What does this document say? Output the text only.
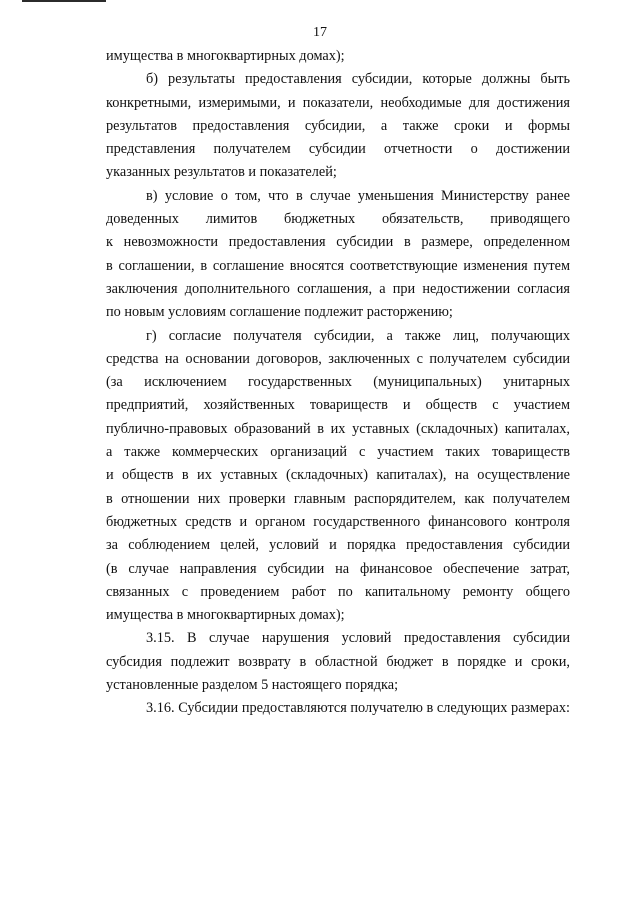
17
имущества в многоквартирных домах);
б) результаты предоставления субсидии, которые должны быть
конкретными, измеримыми, и показатели, необходимые для достижения
результатов предоставления субсидии, а также сроки и формы
представления получателем субсидии отчетности о достижении
указанных результатов и показателей;
в) условие о том, что в случае уменьшения Министерству ранее
доведенных лимитов бюджетных обязательств, приводящего
к невозможности предоставления субсидии в размере, определенном
в соглашении, в соглашение вносятся соответствующие изменения путем
заключения дополнительного соглашения, а при недостижении согласия
по новым условиям соглашение подлежит расторжению;
г) согласие получателя субсидии, а также лиц, получающих
средства на основании договоров, заключенных с получателем субсидии
(за исключением государственных (муниципальных) унитарных
предприятий, хозяйственных товариществ и обществ с участием
публично-правовых образований в их уставных (складочных) капиталах,
а также коммерческих организаций с участием таких товариществ
и обществ в их уставных (складочных) капиталах), на осуществление
в отношении них проверки главным распорядителем, как получателем
бюджетных средств и органом государственного финансового контроля
за соблюдением целей, условий и порядка предоставления субсидии
(в случае направления субсидии на финансовое обеспечение затрат,
связанных с проведением работ по капитальному ремонту общего
имущества в многоквартирных домах);
3.15. В случае нарушения условий предоставления субсидии
субсидия подлежит возврату в областной бюджет в порядке и сроки,
установленные разделом 5 настоящего порядка;
3.16. Субсидии предоставляются получателю в следующих размерах:
